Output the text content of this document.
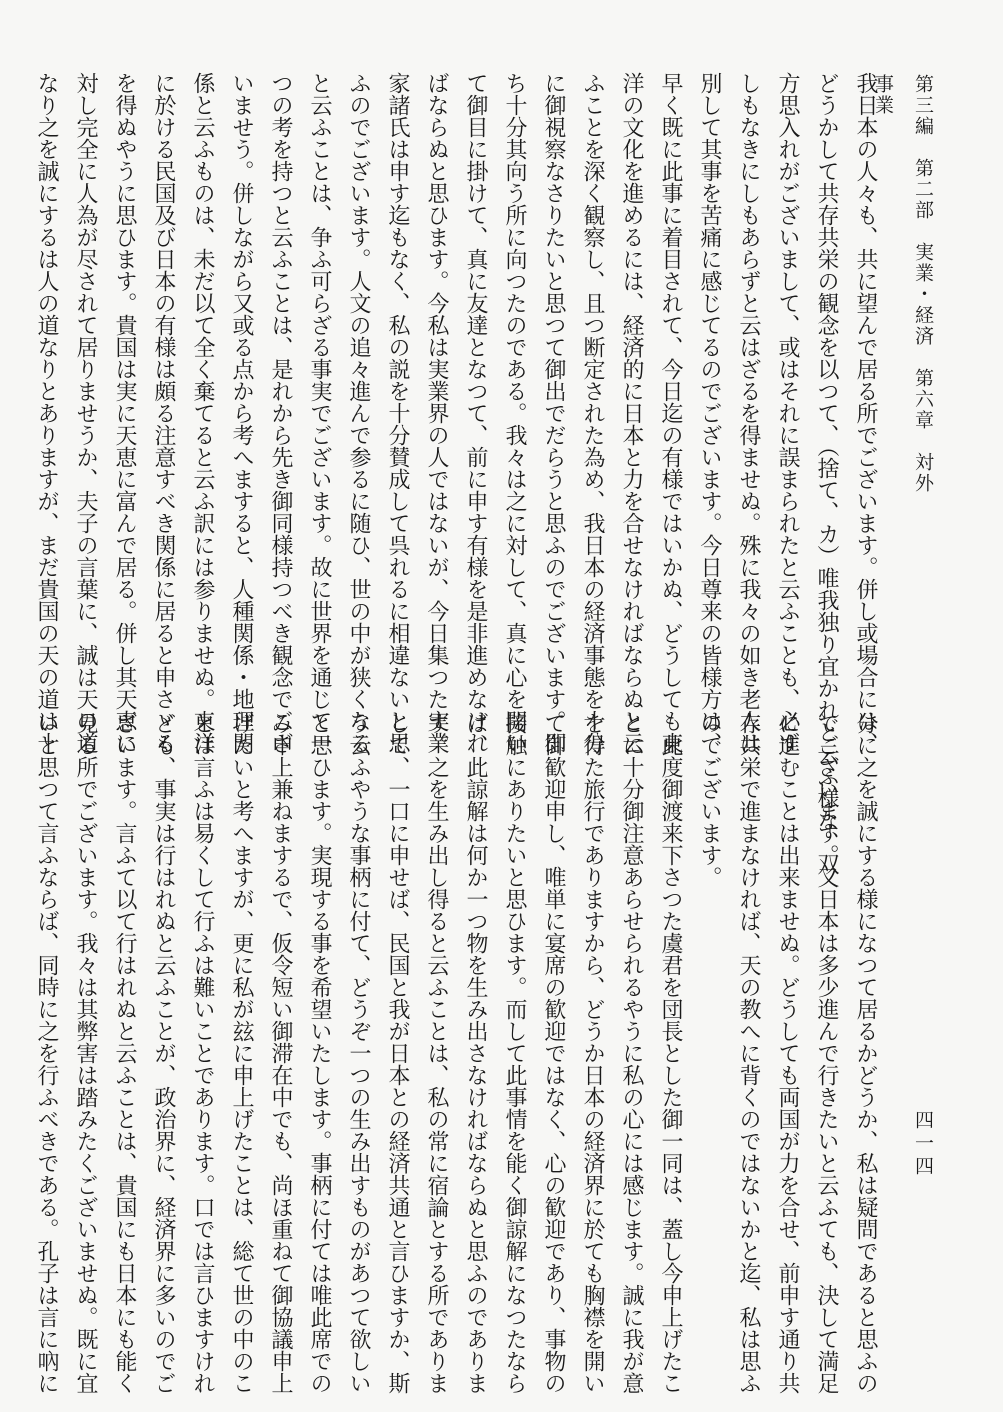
第三編　第二部　実業・経済　第六章　対外事業
四一四
我日本の人々も、共に望んで居る所でございます。併し或場合には、
どうかして共存共栄の観念を以つて、（捨て、カ）唯我独り宜かれと云ふ様な、双
方思入れがございまして、或はそれに誤まられたと云ふことも、必ず
しもなきにしもあらずと云はざるを得ませぬ。殊に我々の如き老人は
別して其事を苦痛に感じてるのでございます。今日尊来の皆様方は、
早く既に此事に着目されて、今日迄の有様ではいかぬ、どうしても東
洋の文化を進めるには、経済的に日本と力を合せなければならぬと云
ふことを深く観察し、且つ断定された為め、我日本の経済事態を十分
に御視察なさりたいと思つて御出でだらうと思ふのでございます。即
ち十分其向う所に向つたのである。我々は之に対して、真に心を開い
て御目に掛けて、真に友達となつて、前に申す有様を是非進めなけれ
ばならぬと思ひます。今私は実業界の人ではないが、今日集つた実業
家諸氏は申す迄もなく、私の説を十分賛成して呉れるに相違ないと思
ふのでございます。人文の追々進んで参るに随ひ、世の中が狭くなる
と云ふことは、争ふ可らざる事実でございます。故に世界を通じて一
つの考を持つと云ふことは、是れから先き御同様持つべき観念でござ
いませう。併しながら又或る点から考へますると、人種関係・地理関
係と云ふものは、未だ以て全く棄てると云ふ訳には参りませぬ。東洋
に於ける民国及び日本の有様は頗る注意すべき関係に居ると申さゞる
を得ぬやうに思ひます。貴国は実に天恵に富んで居る。併し其天恵に
対し完全に人為が尽されて居りませうか、夫子の言葉に、誠は天の道
なり之を誠にするは人の道なりとありますが、まだ貴国の天の道は十
分に之を誠にする様になつて居るかどうか、私は疑問であると思ふの
でございます。又日本は多少進んで行きたいと云ふても、決して満足
に進むことは出来ませぬ。どうしても両国が力を合せ、前申す通り共
存共栄で進まなければ、天の教へに背くのではないかと迄、私は思ふ
のでございます。
此度御渡来下さつた虞君を団長とした御一同は、蓋し今申上げたこ
とに十分御注意あらせられるやうに私の心には感じます。誠に我が意
を得た旅行でありますから、どうか日本の経済界に於ても胸襟を開い
て御歓迎申し、唯単に宴席の歓迎ではなく、心の歓迎であり、事物の
接触にありたいと思ひます。而して此事情を能く御諒解になつたなら
ば、此諒解は何か一つ物を生み出さなければならぬと思ふのでありま
す。之を生み出し得ると云ふことは、私の常に宿論とする所でありま
して、一口に申せば、民国と我が日本との経済共通と言ひますか、斯
う云ふやうな事柄に付て、どうぞ一つの生み出すものがあつて欲しい
と思ひます。実現する事を希望いたします。事柄に付ては唯此席での
み申上兼ねまするで、仮令短い御滞在中でも、尚ほ重ねて御協議申上
げたいと考へますが、更に私が玆に申上げたことは、総て世の中のこ
とは言ふは易くして行ふは難いことであります。口では言ひますけれ
ども、事実は行はれぬと云ふことが、政治界に、経済界に多いのでご
ざいます。言ふて以て行はれぬと云ふことは、貴国にも日本にも能く
見る所でございます。我々は其弊害は踏みたくございませぬ。既に宜
いと思つて言ふならば、同時に之を行ふべきである。孔子は言に吶に
